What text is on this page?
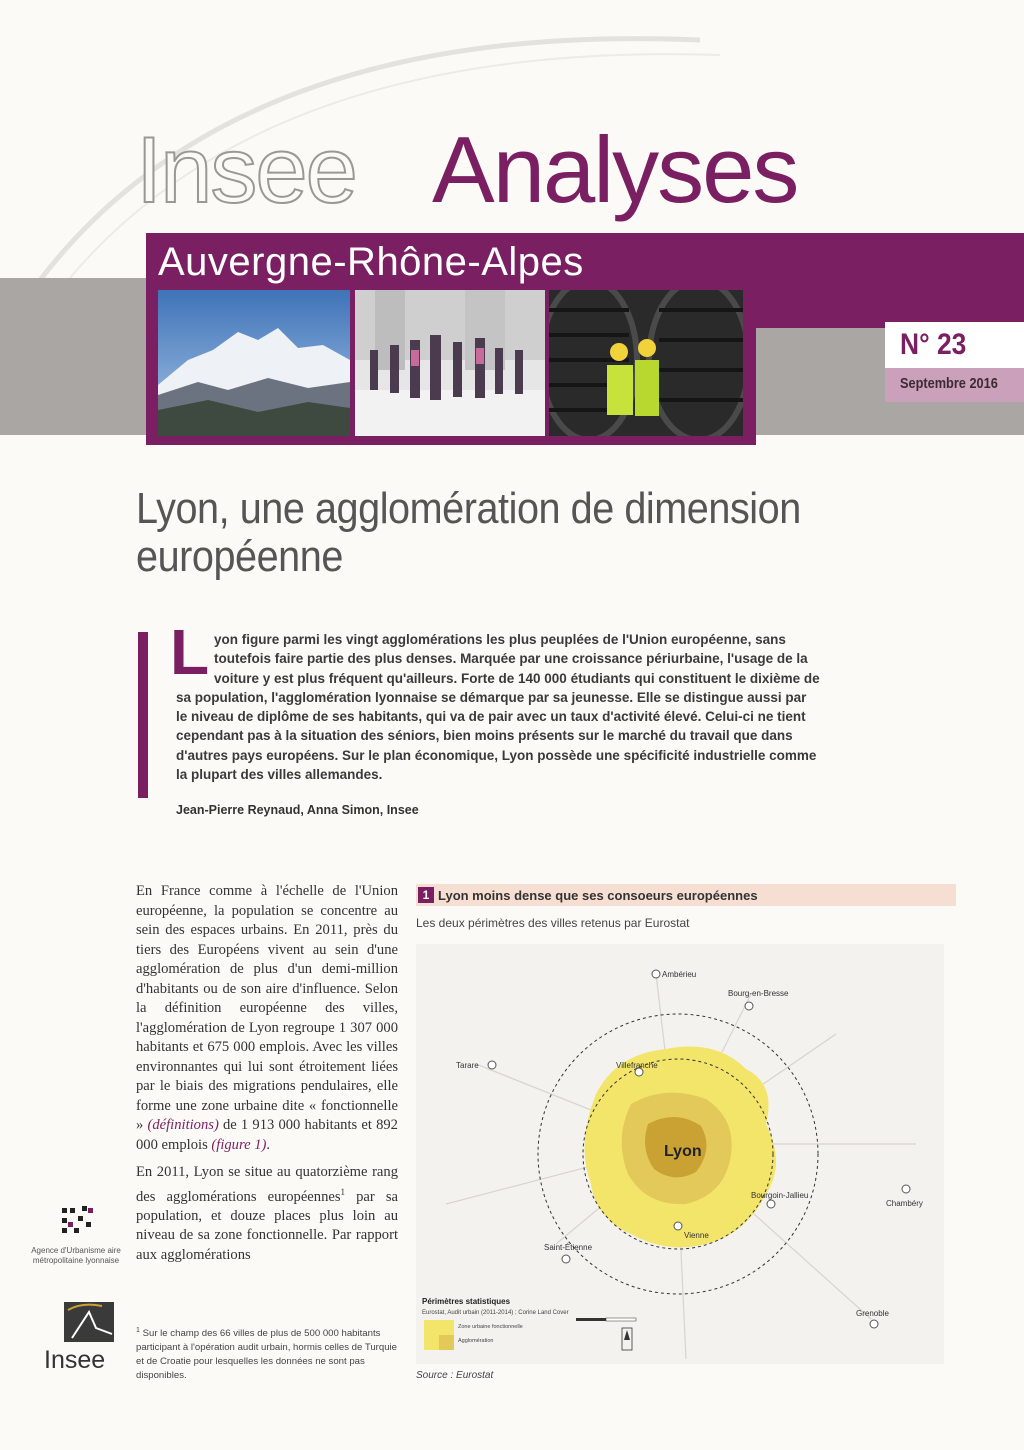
Insee Analyses
Auvergne-Rhône-Alpes
N° 23
Septembre 2016
Lyon, une agglomération de dimension européenne
L yon figure parmi les vingt agglomérations les plus peuplées de l'Union européenne, sans
toutefois faire partie des plus denses. Marquée par une croissance périurbaine, l'usage de la
voiture y est plus fréquent qu'ailleurs. Forte de 140 000 étudiants qui constituent le dixième de
sa population, l'agglomération lyonnaise se démarque par sa jeunesse. Elle se distingue aussi par
le niveau de diplôme de ses habitants, qui va de pair avec un taux d'activité élevé. Celui-ci ne tient
cependant pas à la situation des séniors, bien moins présents sur le marché du travail que dans
d'autres pays européens. Sur le plan économique, Lyon possède une spécificité industrielle comme
la plupart des villes allemandes.
Jean-Pierre Reynaud, Anna Simon, Insee

En France comme à l'échelle de l'Union européenne, la population se concentre au sein des espaces urbains. En 2011, près du tiers des Européens vivent au sein d'une agglomération de plus d'un demi-million d'habitants ou de son aire d'influence. Selon la définition européenne des villes, l'agglomération de Lyon regroupe 1 307 000 habitants et 675 000 emplois. Avec les villes environnantes qui lui sont étroitement liées par le biais des migrations pendulaires, elle forme une zone urbaine dite « fonctionnelle » (définitions) de 1 913 000 habitants et 892 000 emplois (figure 1).

En 2011, Lyon se situe au quatorzième rang des agglomérations européennes$^1$ par sa population, et douze places plus loin au niveau de sa zone fonctionnelle. Par rapport aux agglomérations

$^1$ Sur le champ des 66 villes de plus de 500 000 habitants participant à l'opération audit urbain, hormis celles de Turquie et de Croatie pour lesquelles les données ne sont pas disponibles.
Agence d'Urbanisme aire métropolitaine lyonnaise
Insee
1 Lyon moins dense que ses consoeurs européennes
Les deux périmètres des villes retenus par Eurostat
Ambérieu
Bourg-en-Bresse
Villefranche
Tarare
Vienne
Bourgoin-Jallieu
Chambéry
Saint-Étienne
Grenoble
Lyon
Périmètres statistiques
Eurostat, Audit urbain (2011-2014) ; Corine Land Cover
Zone urbaine fonctionnelle
Agglomération
Source : Eurostat
